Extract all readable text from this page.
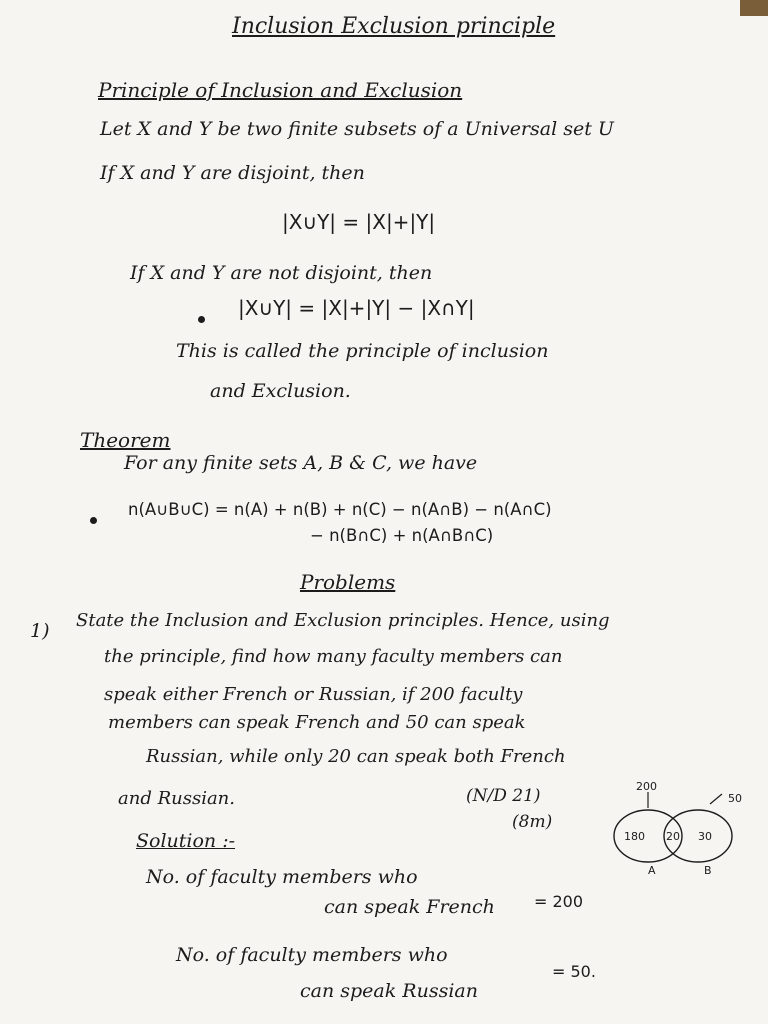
Inclusion Exclusion principle
Principle of Inclusion and Exclusion
Let X and Y be two finite subsets of a Universal set U
If X and Y are disjoint, then
|X∪Y| = |X|+|Y|
If X and Y are not disjoint, then
|X∪Y| = |X|+|Y| − |X∩Y|
This is called the principle of inclusion
and Exclusion.
Theorem
For any finite sets A, B & C, we have
n(A∪B∪C) = n(A) + n(B) + n(C) − n(A∩B) − n(A∩C)
− n(B∩C) + n(A∩B∩C)
Problems
1) State the Inclusion and Exclusion principles. Hence, using
the principle, find how many faculty members can
speak either French or Russian, if 200 faculty
members can speak French and 50 can speak
Russian, while only 20 can speak both French
and Russian.	(N/D 21)
(8m)
Solution :-
No. of faculty members who
can speak French = 200
No. of faculty members who
can speak Russian
= 50.
200
50
180 20 30
A	B
